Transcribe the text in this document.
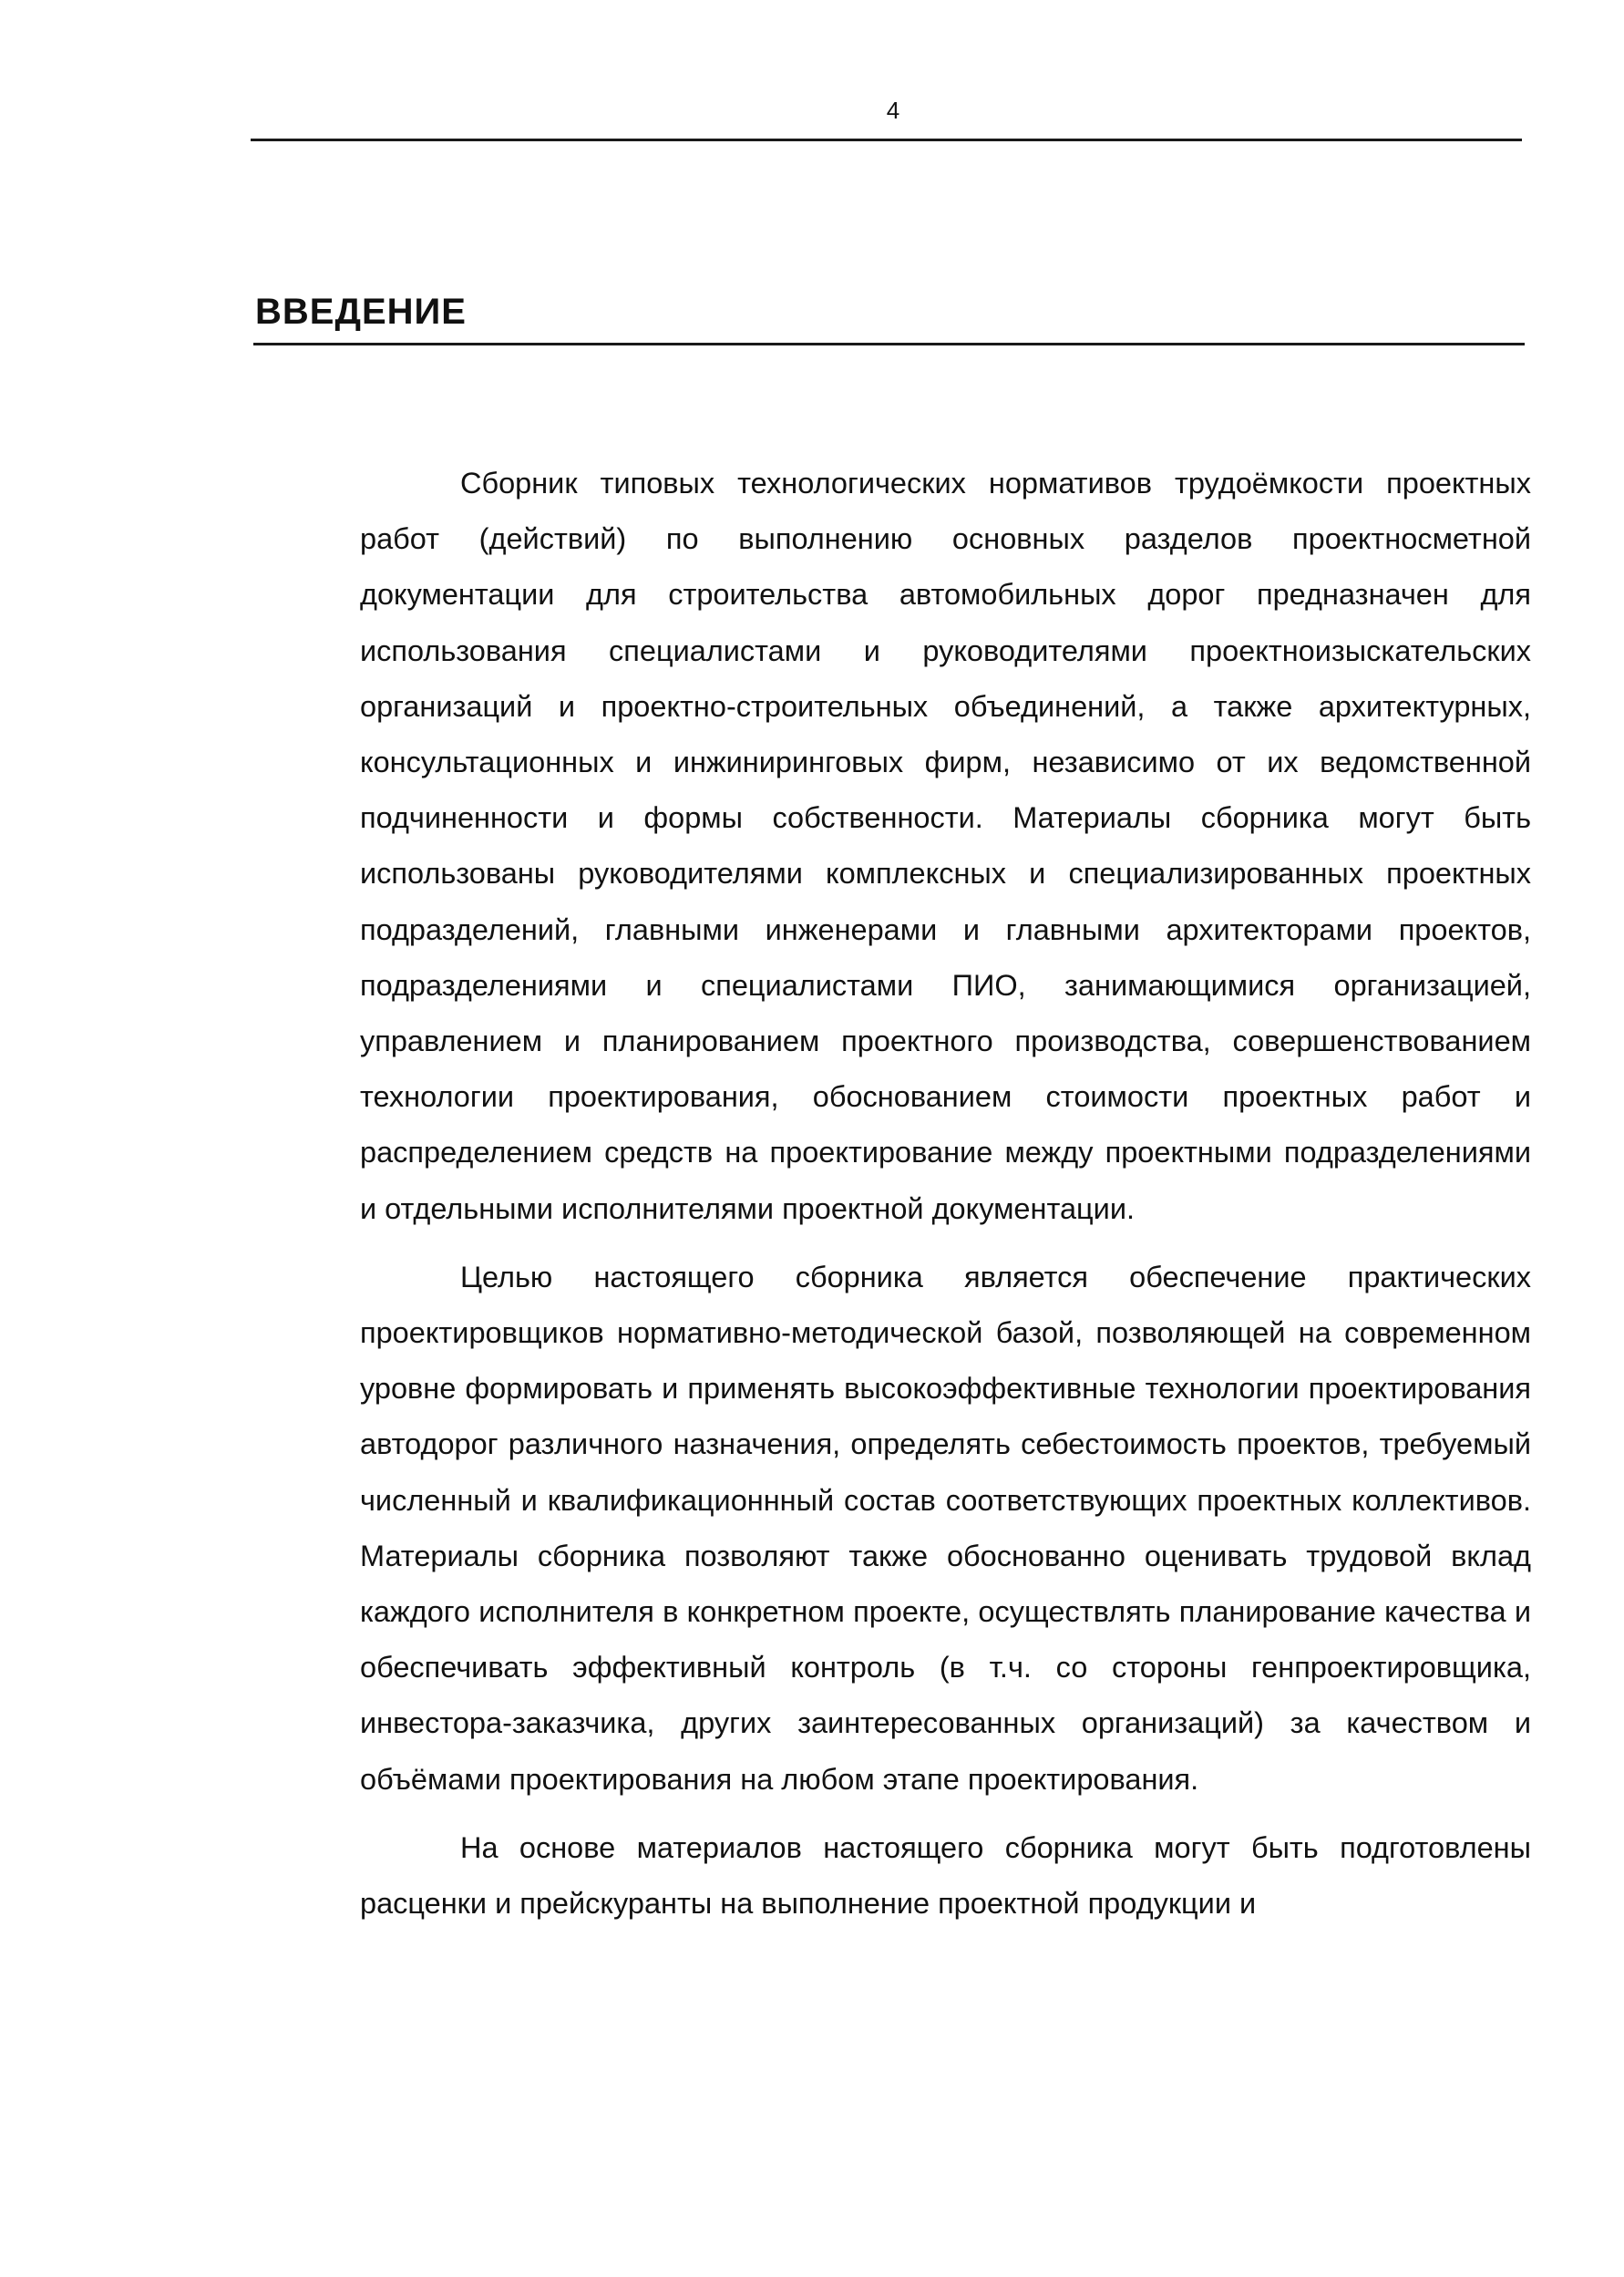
4
ВВЕДЕНИЕ

Сборник типовых технологических нормативов трудоёмкости проектных работ (действий) по выполнению основных разделов проектносметной документации для строительства автомобильных дорог предназначен для использования специалистами и руководителями проектноизыскательских организаций и проектно-строительных объединений, а также архитектурных, консультационных и инжиниринговых фирм, независимо от их ведомственной подчиненности и формы собственности. Материалы сборника могут быть использованы руководителями комплексных и специализированных проектных подразделений, главными инженерами и главными архитекторами проектов, подразделениями и специалистами ПИО, занимающимися организацией, управлением и планированием проектного производства, совершенствованием технологии проектирования, обоснованием стоимости проектных работ и распределением средств на проектирование между проектными подразделениями и отдельными исполнителями проектной документации.

Целью настоящего сборника является обеспечение практических проектировщиков нормативно-методической базой, позволяющей на современном уровне формировать и применять высокоэффективные технологии проектирования автодорог различного назначения, определять себестоимость проектов, требуемый численный и квалификационнный состав соответствующих проектных коллективов. Материалы сборника позволяют также обоснованно оценивать трудовой вклад каждого исполнителя в конкретном проекте, осуществлять планирование качества и обеспечивать эффективный контроль (в т.ч. со стороны генпроектировщика, инвестора-заказчика, других заинтересованных организаций) за качеством и объёмами проектирования на любом этапе проектирования.

На основе материалов настоящего сборника могут быть подготовлены расценки и прейскуранты на выполнение проектной продукции и
